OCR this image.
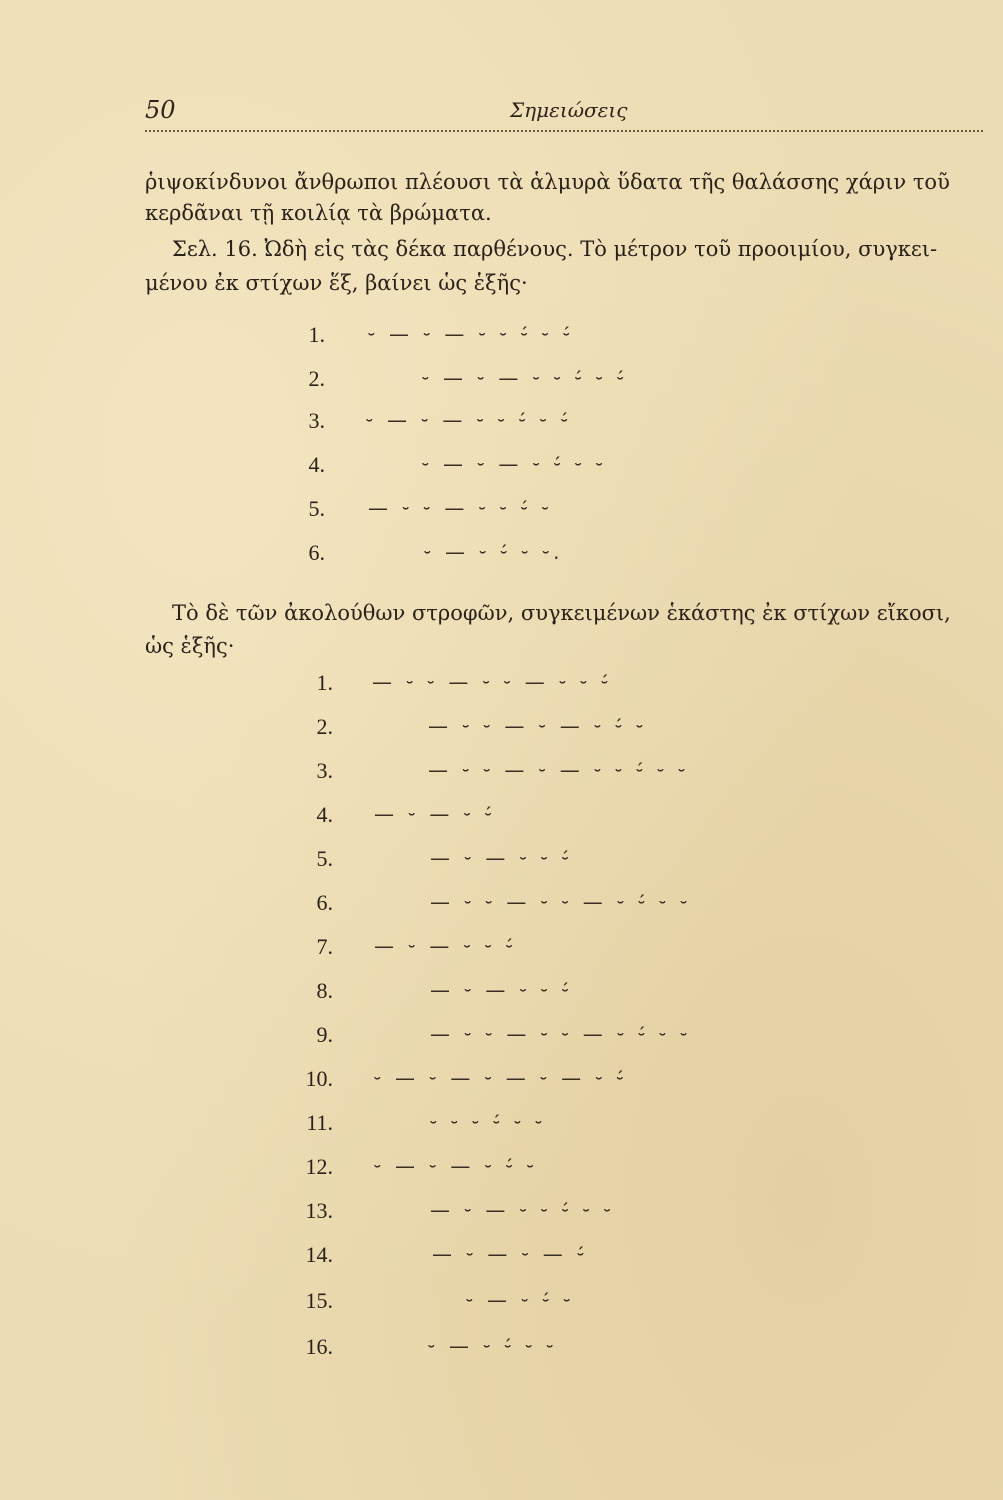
50	Σημειώσεις
ῥιψοκίνδυνοι ἄνθρωποι πλέουσι τὰ ἁλμυρὰ ὕδατα τῆς θαλάσσης χάριν τοῦ
κερδᾶναι τῇ κοιλίᾳ τὰ βρώματα.
Σελ. 16. Ὠδὴ εἰς τὰς δέκα παρθένους. Τὸ μέτρον τοῦ προοιμίου, συγκει-
μένου ἐκ στίχων ἕξ, βαίνει ὡς ἑξῆς·
1. ⏑ — ⏑ — ⏑ ⏑ ⏑́ ⏑ ⏑́
2.	⏑ — ⏑ — ⏑ ⏑ ⏑́ ⏑ ⏑́
3. ⏑ — ⏑ — ⏑ ⏑ ⏑́ ⏑ ⏑́
4.	⏑ — ⏑ — ⏑ ⏑́ ⏑ ⏑
5. — ⏑ ⏑ — ⏑ ⏑ ⏑́ ⏑
6.	⏑ — ⏑ ⏑́ ⏑ ⏑.
Τὸ δὲ τῶν ἀκολούθων στροφῶν, συγκειμένων ἑκάστης ἐκ στίχων εἴκοσι,
ὡς ἑξῆς·
1. — ⏑ ⏑ — ⏑ ⏑ — ⏑ ⏑ ⏑́
2.	— ⏑ ⏑ — ⏑ — ⏑ ⏑́ ⏑
3.	— ⏑ ⏑ — ⏑ — ⏑ ⏑ ⏑́ ⏑ ⏑
4. — ⏑ — ⏑ ⏑́
5.	— ⏑ — ⏑ ⏑ ⏑́
6.	— ⏑ ⏑ — ⏑ ⏑ — ⏑ ⏑́ ⏑ ⏑
7. — ⏑ — ⏑ ⏑ ⏑́
8.	— ⏑ — ⏑ ⏑ ⏑́
9.	— ⏑ ⏑ — ⏑ ⏑ — ⏑ ⏑́ ⏑ ⏑
10. ⏑ — ⏑ — ⏑ — ⏑ — ⏑ ⏑́
11.	⏑ ⏑ ⏑ ⏑́ ⏑ ⏑
12. ⏑ — ⏑ — ⏑ ⏑́ ⏑
13.	— ⏑ — ⏑ ⏑ ⏑́ ⏑ ⏑
14.	— ⏑ — ⏑ — ⏑́
15.	⏑ — ⏑ ⏑́ ⏑
16.	⏑ — ⏑ ⏑́ ⏑ ⏑
